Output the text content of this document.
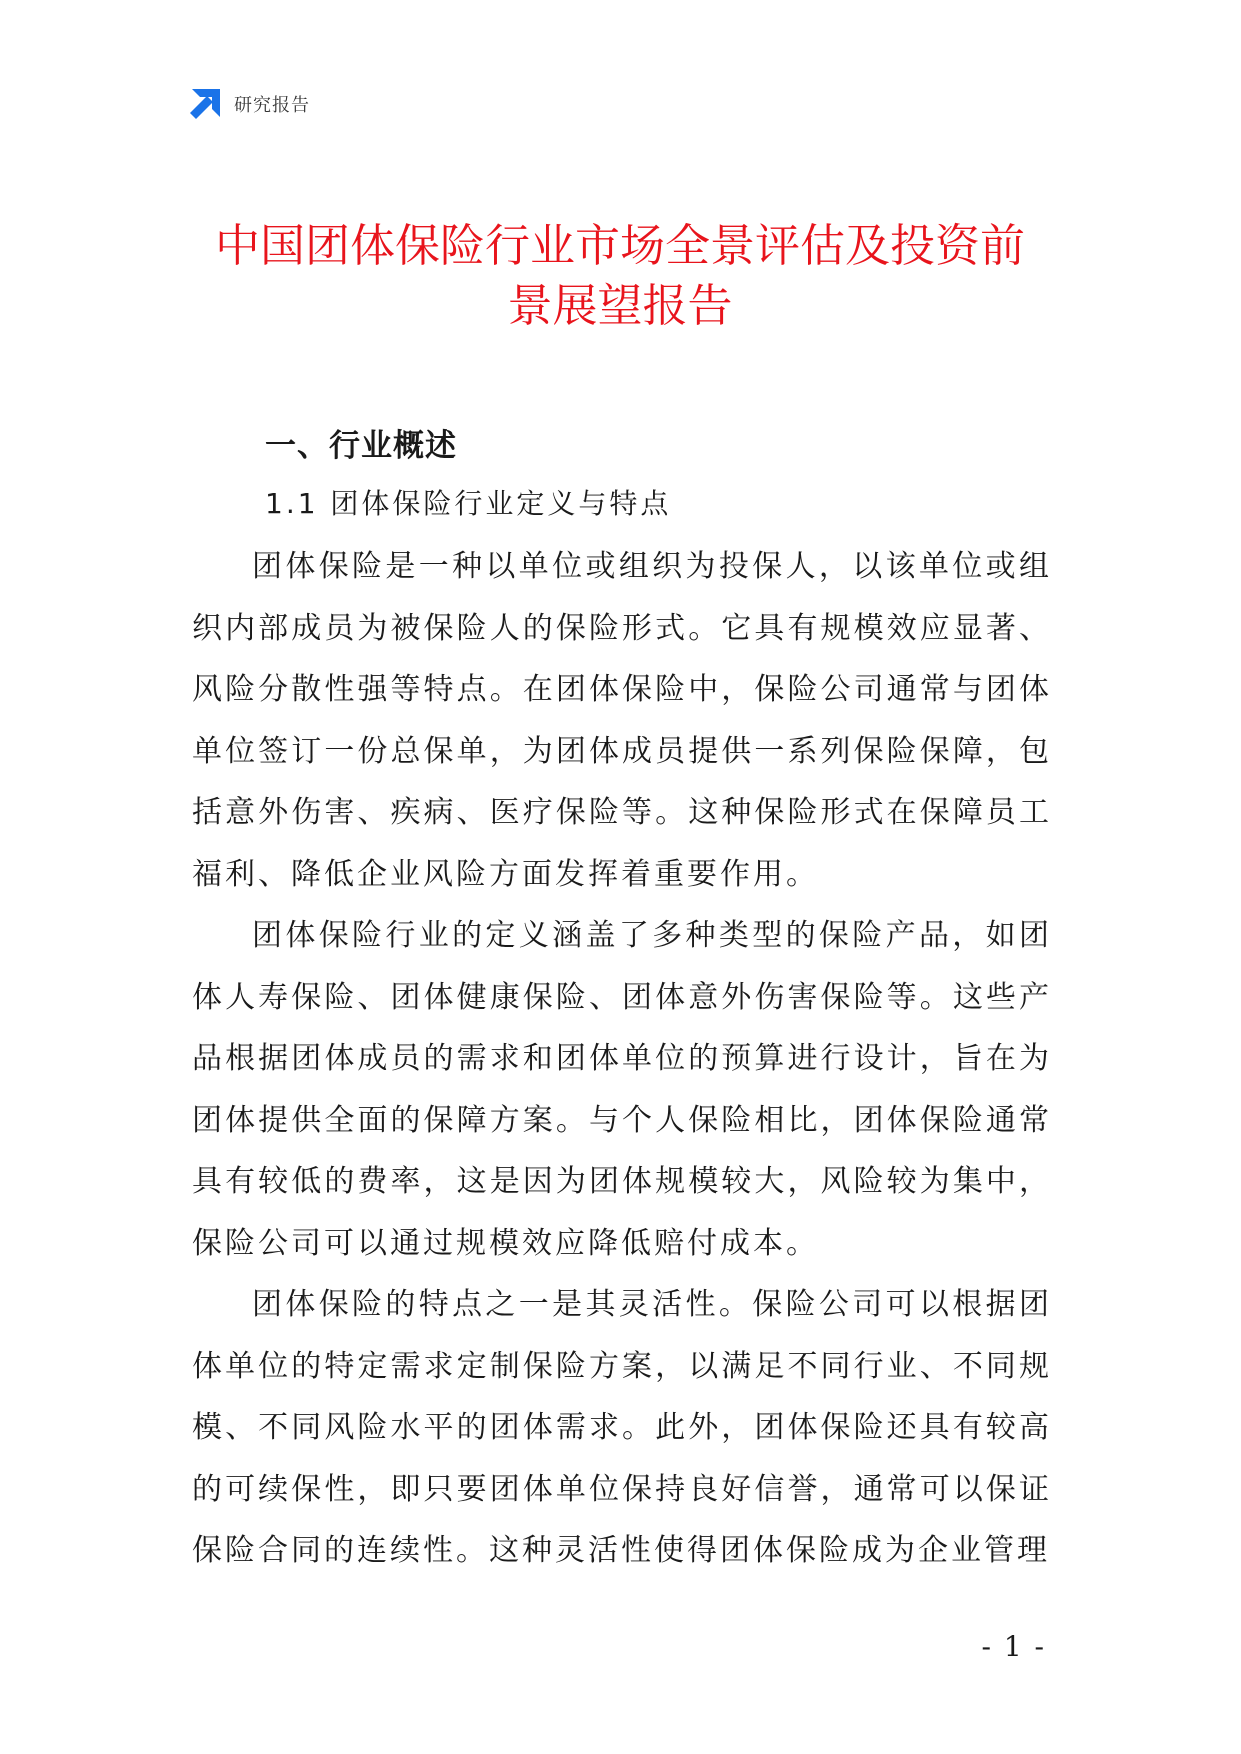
研究报告
中国团体保险行业市场全景评估及投资前
景展望报告
一、行业概述
1.1 团体保险行业定义与特点

团体保险是一种以单位或组织为投保人，以该单位或组织内部成员为被保险人的保险形式。它具有规模效应显著、风险分散性强等特点。在团体保险中，保险公司通常与团体单位签订一份总保单，为团体成员提供一系列保险保障，包括意外伤害、疾病、医疗保险等。这种保险形式在保障员工福利、降低企业风险方面发挥着重要作用。

团体保险行业的定义涵盖了多种类型的保险产品，如团体人寿保险、团体健康保险、团体意外伤害保险等。这些产品根据团体成员的需求和团体单位的预算进行设计，旨在为团体提供全面的保障方案。与个人保险相比，团体保险通常具有较低的费率，这是因为团体规模较大，风险较为集中，保险公司可以通过规模效应降低赔付成本。

团体保险的特点之一是其灵活性。保险公司可以根据团体单位的特定需求定制保险方案，以满足不同行业、不同规模、不同风险水平的团体需求。此外，团体保险还具有较高的可续保性，即只要团体单位保持良好信誉，通常可以保证保险合同的连续性。这种灵活性使得团体保险成为企业管理

- 1 -
